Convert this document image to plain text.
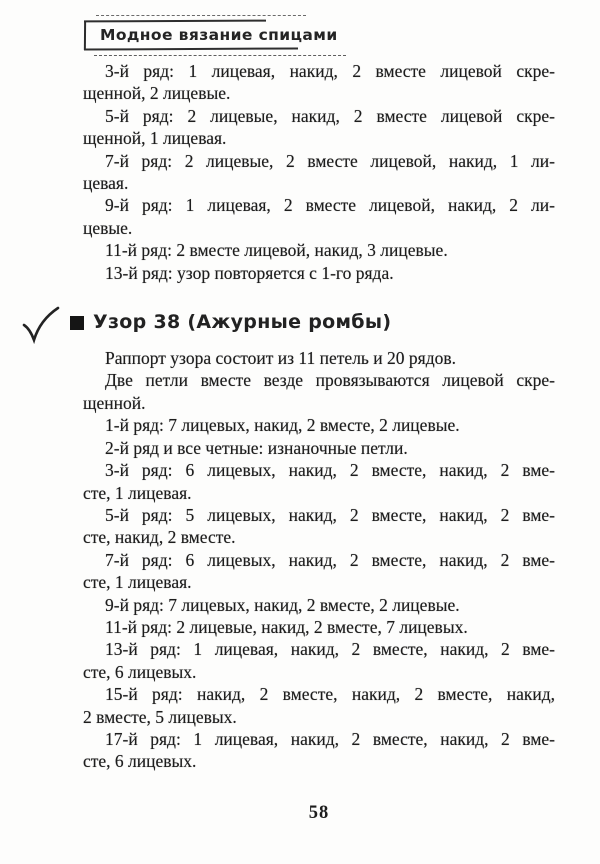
Модное вязание спицами
3-й ряд: 1 лицевая, накид, 2 вместе лицевой скре-
щенной, 2 лицевые.
5-й ряд: 2 лицевые, накид, 2 вместе лицевой скре-
щенной, 1 лицевая.
7-й ряд: 2 лицевые, 2 вместе лицевой, накид, 1 ли-
цевая.
9-й ряд: 1 лицевая, 2 вместе лицевой, накид, 2 ли-
цевые.
11-й ряд: 2 вместе лицевой, накид, 3 лицевые.
13-й ряд: узор повторяется с 1-го ряда.
Узор 38 (Ажурные ромбы)
Раппорт узора состоит из 11 петель и 20 рядов.
Две петли вместе везде провязываются лицевой скре-
щенной.
1-й ряд: 7 лицевых, накид, 2 вместе, 2 лицевые.
2-й ряд и все четные: изнаночные петли.
3-й ряд: 6 лицевых, накид, 2 вместе, накид, 2 вме-
сте, 1 лицевая.
5-й ряд: 5 лицевых, накид, 2 вместе, накид, 2 вме-
сте, накид, 2 вместе.
7-й ряд: 6 лицевых, накид, 2 вместе, накид, 2 вме-
сте, 1 лицевая.
9-й ряд: 7 лицевых, накид, 2 вместе, 2 лицевые.
11-й ряд: 2 лицевые, накид, 2 вместе, 7 лицевых.
13-й ряд: 1 лицевая, накид, 2 вместе, накид, 2 вме-
сте, 6 лицевых.
15-й ряд: накид, 2 вместе, накид, 2 вместе, накид,
2 вместе, 5 лицевых.
17-й ряд: 1 лицевая, накид, 2 вместе, накид, 2 вме-
сте, 6 лицевых.
58
